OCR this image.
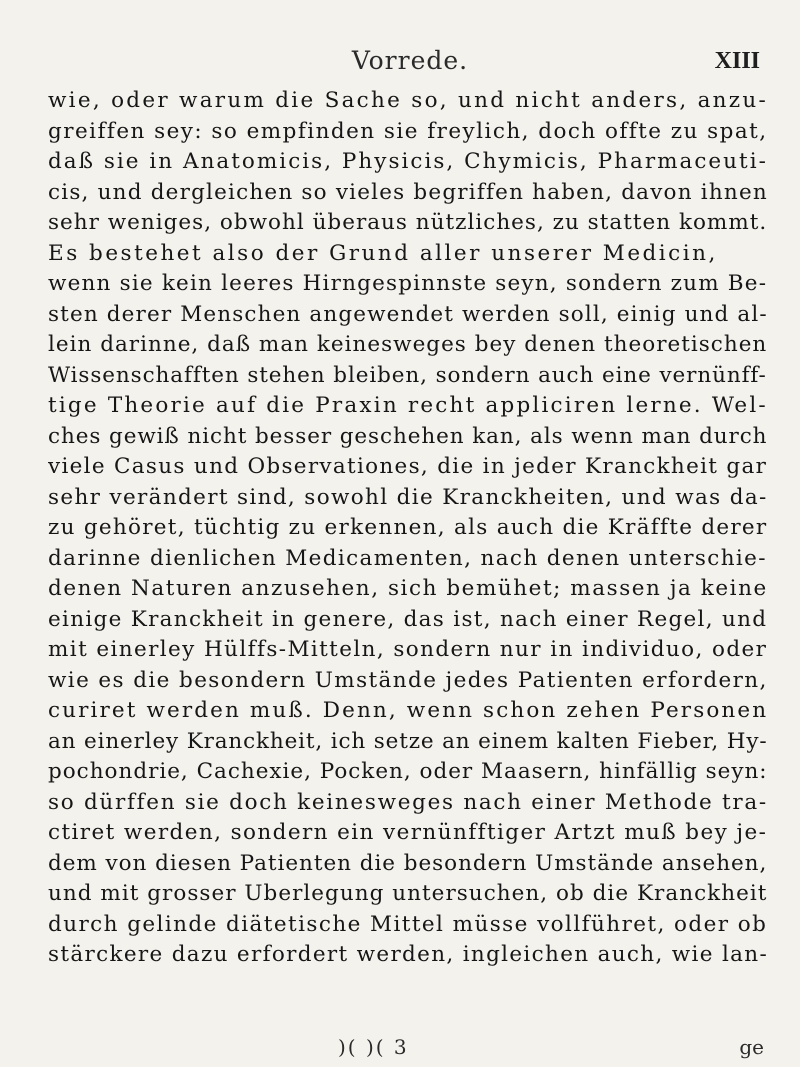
Vorrede.	XIII
wie, oder warum die Sache so, und nicht anders, anzu-
greiffen sey: so empfinden sie freylich, doch offte zu spat,
daß sie in Anatomicis, Physicis, Chymicis, Pharmaceuti-
cis, und dergleichen so vieles begriffen haben, davon ihnen
sehr weniges, obwohl überaus nützliches, zu statten kommt.
Es bestehet also der Grund aller unserer Medicin,
wenn sie kein leeres Hirngespinnste seyn, sondern zum Be-
sten derer Menschen angewendet werden soll, einig und al-
lein darinne, daß man keinesweges bey denen theoretischen
Wissenschafften stehen bleiben, sondern auch eine vernünff-
tige Theorie auf die Praxin recht appliciren lerne. Wel-
ches gewiß nicht besser geschehen kan, als wenn man durch
viele Casus und Observationes, die in jeder Kranckheit gar
sehr verändert sind, sowohl die Kranckheiten, und was da-
zu gehöret, tüchtig zu erkennen, als auch die Kräffte derer
darinne dienlichen Medicamenten, nach denen unterschie-
denen Naturen anzusehen, sich bemühet; massen ja keine
einige Kranckheit in genere, das ist, nach einer Regel, und
mit einerley Hülffs-Mitteln, sondern nur in individuo, oder
wie es die besondern Umstände jedes Patienten erfordern,
curiret werden muß. Denn, wenn schon zehen Personen
an einerley Kranckheit, ich setze an einem kalten Fieber, Hy-
pochondrie, Cachexie, Pocken, oder Maasern, hinfällig seyn:
so dürffen sie doch keinesweges nach einer Methode tra-
ctiret werden, sondern ein vernünfftiger Artzt muß bey je-
dem von diesen Patienten die besondern Umstände ansehen,
und mit grosser Uberlegung untersuchen, ob die Kranckheit
durch gelinde diätetische Mittel müsse vollführet, oder ob
stärckere dazu erfordert werden, ingleichen auch, wie lan-
)( )( 3	ge
